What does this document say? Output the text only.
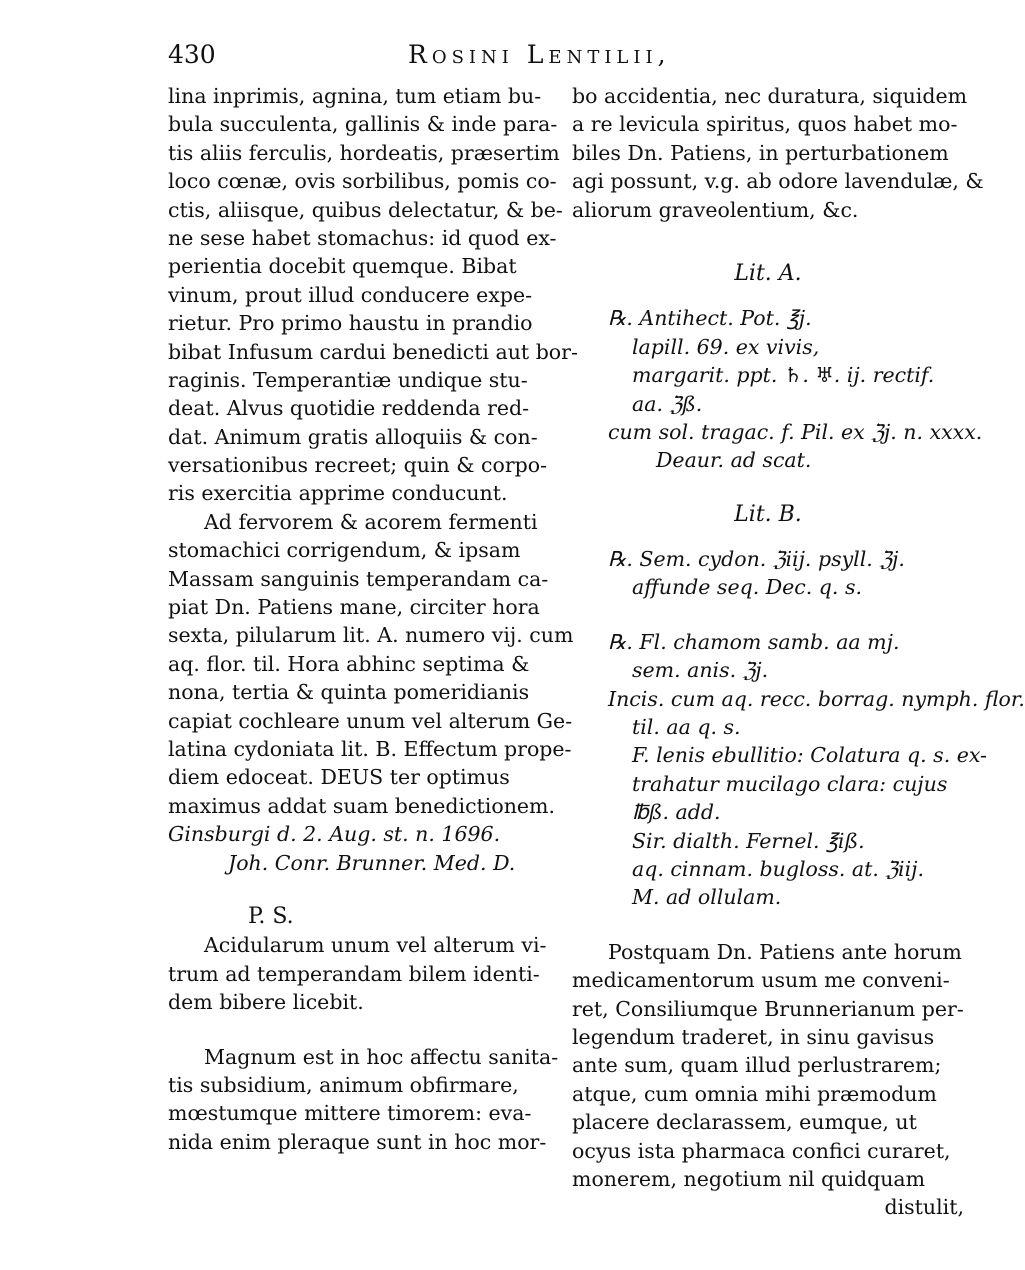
430	Rosini Lentilii,
lina inprimis, agnina, tum etiam bu-
bula succulenta, gallinis & inde para-
tis aliis ferculis, hordeatis, præsertim
loco cœnæ, ovis sorbilibus, pomis co-
ctis, aliisque, quibus delectatur, & be-
ne sese habet stomachus: id quod ex-
perientia docebit quemque. Bibat
vinum, prout illud conducere expe-
rietur. Pro primo haustu in prandio
bibat Infusum cardui benedicti aut bor-
raginis. Temperantiæ undique stu-
deat. Alvus quotidie reddenda red-
dat. Animum gratis alloquiis & con-
versationibus recreet; quin & corpo-
ris exercitia apprime conducunt.
Ad fervorem & acorem fermenti
stomachici corrigendum, & ipsam
Massam sanguinis temperandam ca-
piat Dn. Patiens mane, circiter hora
sexta, pilularum lit. A. numero vij. cum
aq. flor. til. Hora abhinc septima &
nona, tertia & quinta pomeridianis
capiat cochleare unum vel alterum Ge-
latina cydoniata lit. B. Effectum prope-
diem edoceat. DEUS ter optimus
maximus addat suam benedictionem.
Ginsburgi d. 2. Aug. st. n. 1696.
Joh. Conr. Brunner. Med. D.
P. S.
Acidularum unum vel alterum vi-
trum ad temperandam bilem identi-
dem bibere licebit.
Magnum est in hoc affectu sanita-
tis subsidium, animum obfirmare,
mœstumque mittere timorem: eva-
nida enim pleraque sunt in hoc mor-
bo accidentia, nec duratura, siquidem
a re levicula spiritus, quos habet mo-
biles Dn. Patiens, in perturbationem
agi possunt, v.g. ab odore lavendulæ, &
aliorum graveolentium, &c.
Lit. A.
℞. Antihect. Pot. ℥j.
lapill. 69. ex vivis,
margarit. ppt. ♄. ♅. ij. rectif.
aa. ℨß.
cum sol. tragac. f. Pil. ex ℨj. n. xxxx.
Deaur. ad scat.
Lit. B.
℞. Sem. cydon. ℨiij. psyll. ℨj.
affunde seq. Dec. q. s.
℞. Fl. chamom samb. aa mj.
sem. anis. ℨj.
Incis. cum aq. recc. borrag. nymph. flor.
til. aa q. s.
F. lenis ebullitio: Colatura q. s. ex-
trahatur mucilago clara: cujus
℔ß. add.
Sir. dialth. Fernel. ℥iß.
aq. cinnam. bugloss. at. ℨiij.
M. ad ollulam.
Postquam Dn. Patiens ante horum
medicamentorum usum me conveni-
ret, Consiliumque Brunnerianum per-
legendum traderet, in sinu gavisus
ante sum, quam illud perlustrarem;
atque, cum omnia mihi præmodum
placere declarassem, eumque, ut
ocyus ista pharmaca confici curaret,
monerem, negotium nil quidquam
distulit,
